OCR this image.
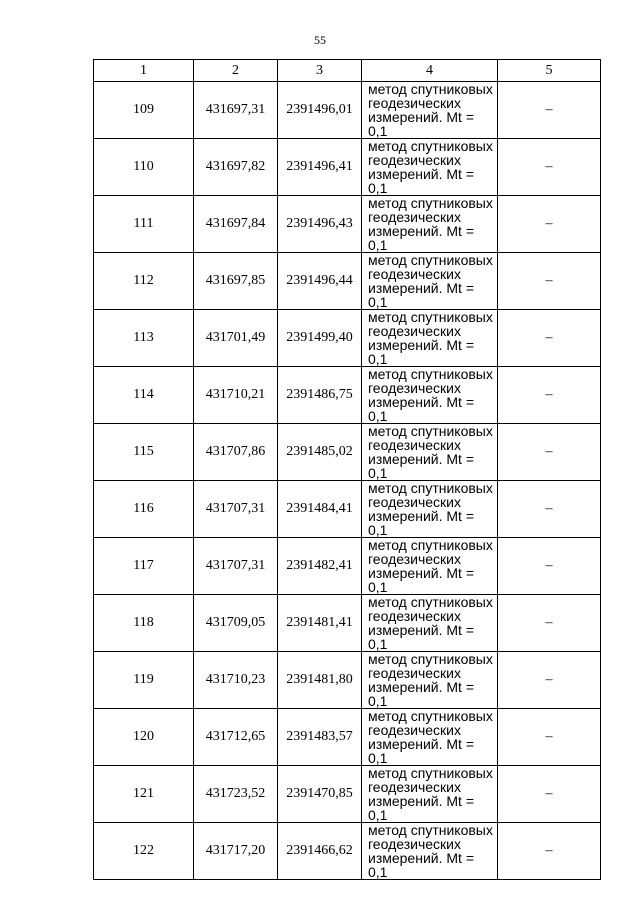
55
1	2	3	4	5
109	431697,31	2391496,01	метод спутниковых
геодезических
измерений. Mt = 0,1	–
110	431697,82	2391496,41	метод спутниковых
геодезических
измерений. Mt = 0,1	–
111	431697,84	2391496,43	метод спутниковых
геодезических
измерений. Mt = 0,1	–
112	431697,85	2391496,44	метод спутниковых
геодезических
измерений. Mt = 0,1	–
113	431701,49	2391499,40	метод спутниковых
геодезических
измерений. Mt = 0,1	–
114	431710,21	2391486,75	метод спутниковых
геодезических
измерений. Mt = 0,1	–
115	431707,86	2391485,02	метод спутниковых
геодезических
измерений. Mt = 0,1	–
116	431707,31	2391484,41	метод спутниковых
геодезических
измерений. Mt = 0,1	–
117	431707,31	2391482,41	метод спутниковых
геодезических
измерений. Mt = 0,1	–
118	431709,05	2391481,41	метод спутниковых
геодезических
измерений. Mt = 0,1	–
119	431710,23	2391481,80	метод спутниковых
геодезических
измерений. Mt = 0,1	–
120	431712,65	2391483,57	метод спутниковых
геодезических
измерений. Mt = 0,1	–
121	431723,52	2391470,85	метод спутниковых
геодезических
измерений. Mt = 0,1	–
122	431717,20	2391466,62	метод спутниковых
геодезических
измерений. Mt = 0,1	–
